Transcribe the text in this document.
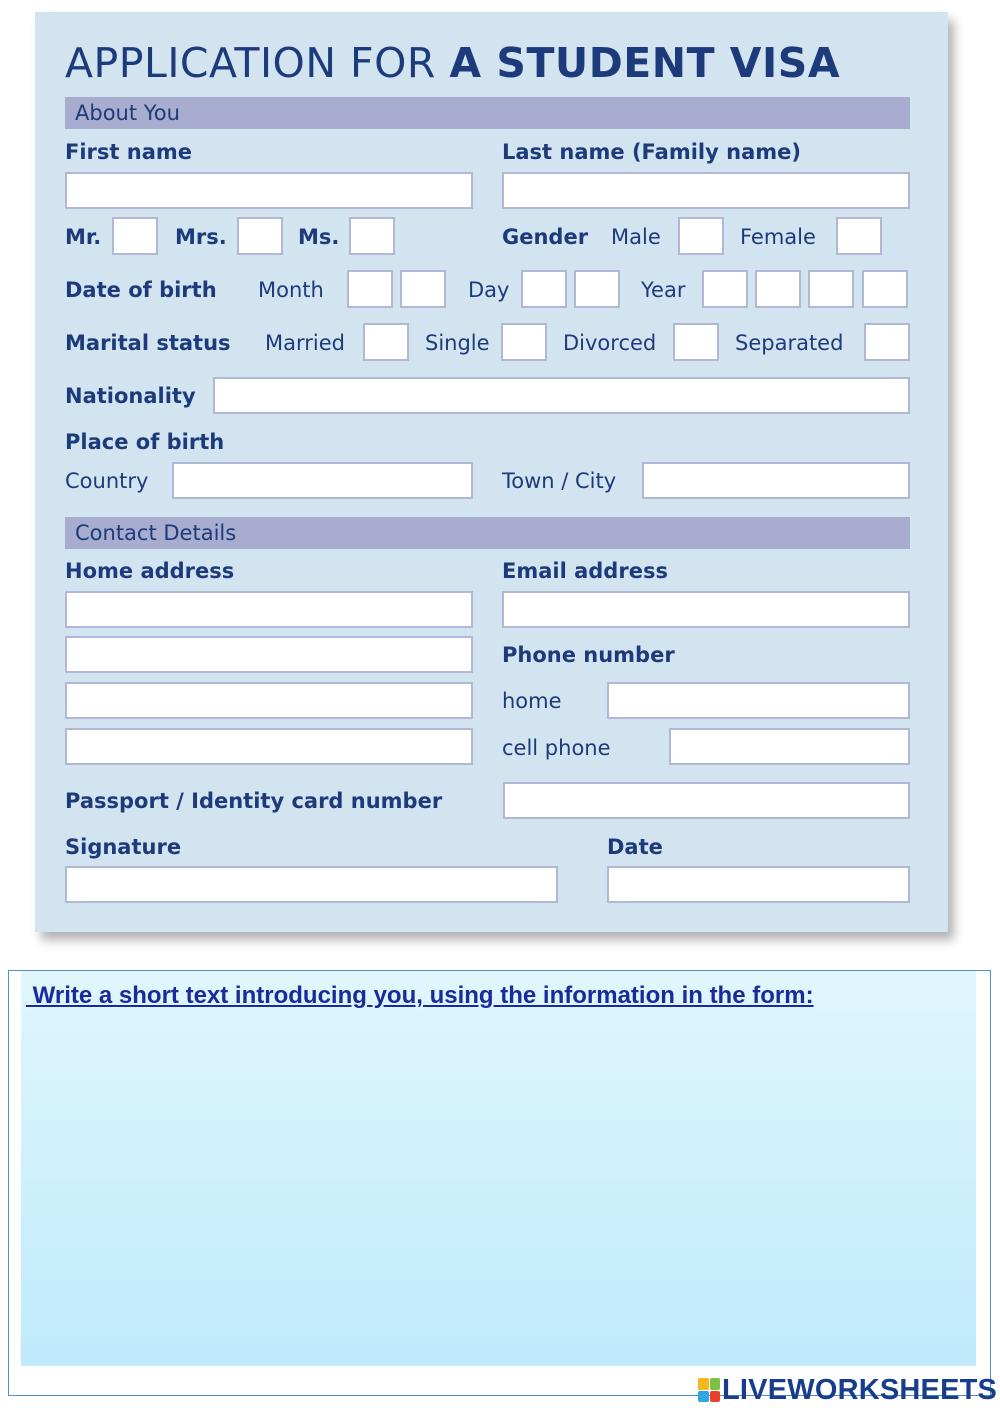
APPLICATION FOR A STUDENT VISA
About You
First name	Last name (Family name)
Mr.	Mrs.	Ms.	Gender Male	Female
Date of birth Month	Day	Year
Marital status Married	Single	Divorced	Separated
Nationality
Place of birth
Country	Town / City
Contact Details
Home address	Email address
Phone number
home
cell phone
Passport / Identity card number
Signature	Date
Write a short text introducing you, using the information in the form:
LIVEWORKSHEETS
